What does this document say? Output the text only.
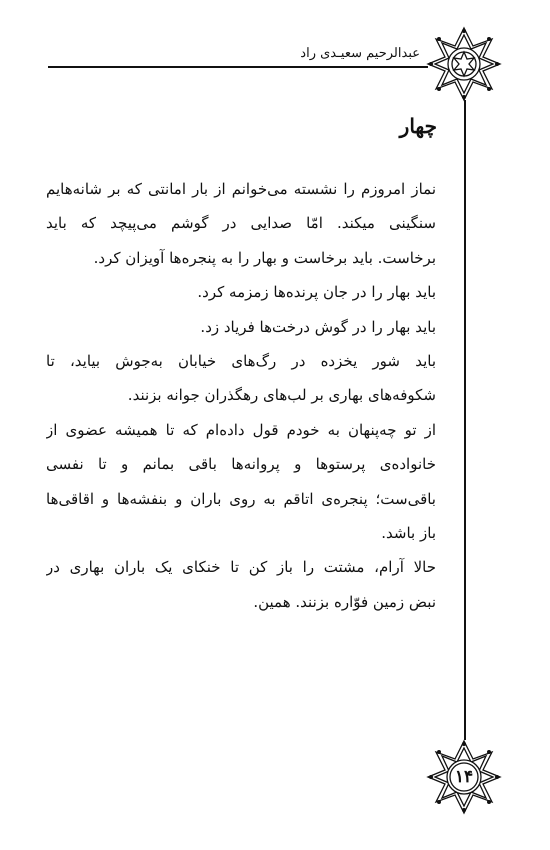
عبدالرحیم سعیـدی راد
چهار
نماز امروزم را نشسته می‌خوانم از بار امانتی که بر شانه‌هایم
سنگینی میکند. امّا صدایی در گوشم می‌پیچد که باید
برخاست. باید برخاست و بهار را به پنجره‌ها آویزان کرد.
باید بهار را در جان پرنده‌ها زمزمه کرد.
باید بهار را در گوش درخت‌ها فریاد زد.
باید شور یخزده در رگ‌های خیابان به‌جوش بیاید، تا
شکوفه‌های بهاری بر لب‌های رهگذران جوانه بزنند.
از تو چه‌پنهان به خودم قول داده‌ام که تا همیشه عضوی از
خانواده‌ی پرستوها و پروانه‌ها باقی بمانم و تا نفسی
باقی‌ست؛ پنجره‌ی اتاقم به روی باران و بنفشه‌ها و اقاقی‌ها
باز باشد.
حالا آرام، مشتت را باز کن تا خنکای یک باران بهاری در
نبض زمین فوّاره بزنند. همین.
۱۴
